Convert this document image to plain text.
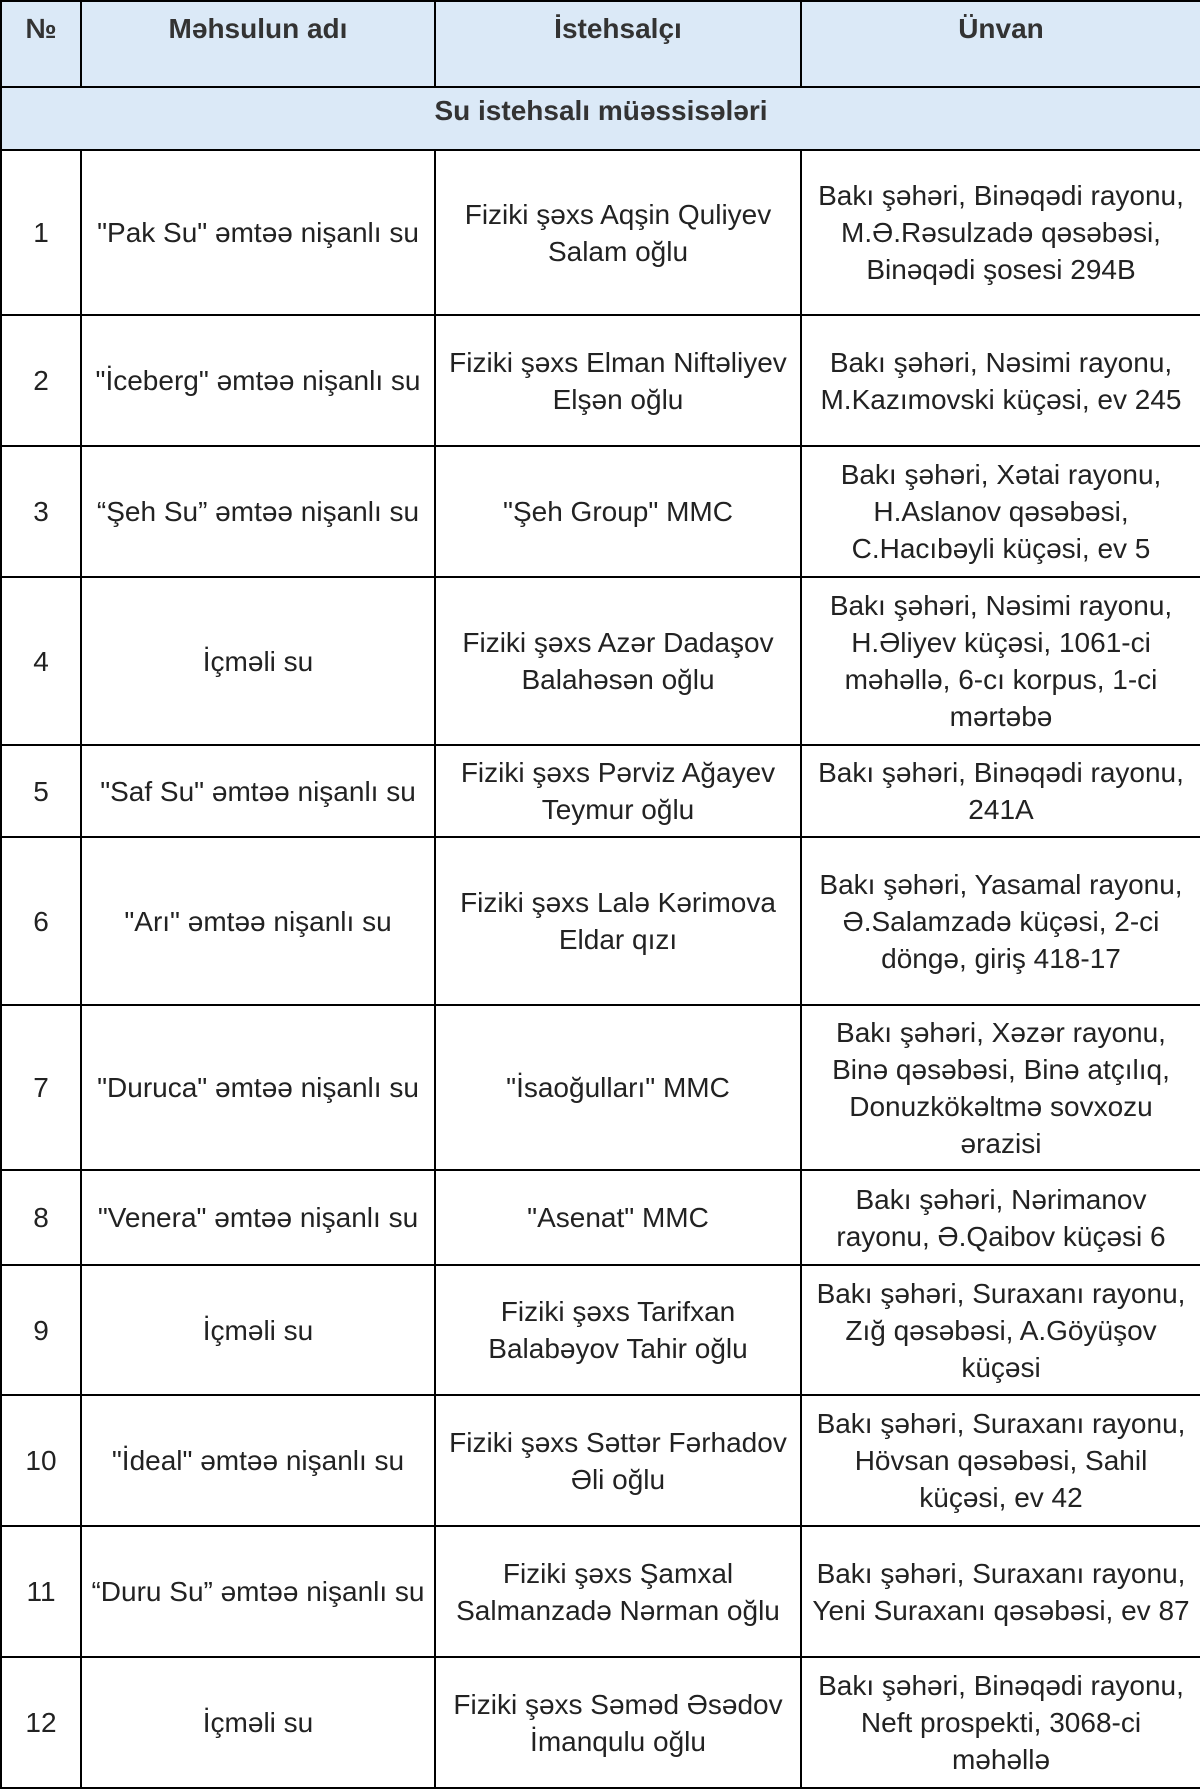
№	Məhsulun adı	İstehsalçı	Ünvan
Su istehsalı müəssisələri			
1	"Pak Su" əmtəə nişanlı su	Fiziki şəxs Aqşin Quliyev Salam oğlu	Bakı şəhəri, Binəqədi rayonu, M.Ə.Rəsulzadə qəsəbəsi, Binəqədi şosesi 294B
2	"İceberg" əmtəə nişanlı su	Fiziki şəxs Elman Niftəliyev Elşən oğlu	Bakı şəhəri, Nəsimi rayonu, M.Kazımovski küçəsi, ev 245
3	“Şeh Su” əmtəə nişanlı su	"Şeh Group" MMC	Bakı şəhəri, Xətai rayonu, H.Aslanov qəsəbəsi, C.Hacıbəyli küçəsi, ev 5
4	İçməli su	Fiziki şəxs Azər Dadaşov Balahəsən oğlu	Bakı şəhəri, Nəsimi rayonu, H.Əliyev küçəsi, 1061-ci məhəllə, 6-cı korpus, 1-ci mərtəbə
5	"Saf Su" əmtəə nişanlı su	Fiziki şəxs Pərviz Ağayev Teymur oğlu	Bakı şəhəri, Binəqədi rayonu, 241A
6	"Arı" əmtəə nişanlı su	Fiziki şəxs Lalə Kərimova Eldar qızı	Bakı şəhəri, Yasamal rayonu, Ə.Salamzadə küçəsi, 2-ci döngə, giriş 418-17
7	"Duruca" əmtəə nişanlı su	"İsaoğulları" MMC	Bakı şəhəri, Xəzər rayonu, Binə qəsəbəsi, Binə atçılıq, Donuzkökəltmə sovxozu ərazisi
8	"Venera" əmtəə nişanlı su	"Asenat" MMC	Bakı şəhəri, Nərimanov rayonu, Ə.Qaibov küçəsi 6
9	İçməli su	Fiziki şəxs Tarifxan Balabəyov Tahir oğlu	Bakı şəhəri, Suraxanı rayonu, Zığ qəsəbəsi, A.Göyüşov küçəsi
10	"İdeal" əmtəə nişanlı su	Fiziki şəxs Səttər Fərhadov Əli oğlu	Bakı şəhəri, Suraxanı rayonu, Hövsan qəsəbəsi, Sahil küçəsi, ev 42
11	“Duru Su” əmtəə nişanlı su	Fiziki şəxs Şamxal Salmanzadə Nərman oğlu	Bakı şəhəri, Suraxanı rayonu, Yeni Suraxanı qəsəbəsi, ev 87
12	İçməli su	Fiziki şəxs Səməd Əsədov İmanqulu oğlu	Bakı şəhəri, Binəqədi rayonu, Neft prospekti, 3068-ci məhəllə
